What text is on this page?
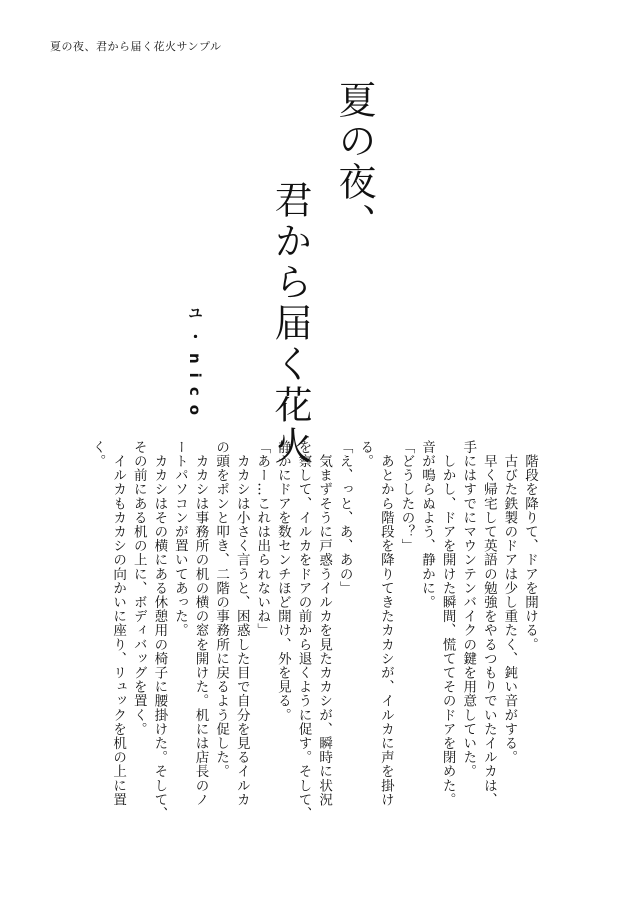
夏の夜、君から届く花火サンプル
夏の夜、
君から届く花火
ユ・nico

　階段を降りて、ドアを開ける。

　古びた鉄製のドアは少し重たく、鈍い音がする。

　早く帰宅して英語の勉強をやるつもりでいたイルカは、

手にはすでにマウンテンバイクの鍵を用意していた。

　しかし、ドアを開けた瞬間、慌ててそのドアを閉めた。

音が鳴らぬよう、静かに。

「どうしたの？」

　あとから階段を降りてきたカカシが、イルカに声を掛け

る。

「え、っと、あ、あの」

　気まずそうに戸惑うイルカを見たカカシが、瞬時に状況

を察して、イルカをドアの前から退くように促す。そして、

静かにドアを数センチほど開け、外を見る。

「あー…これは出られないね」

　カカシは小さく言うと、困惑した目で自分を見るイルカ

の頭をポンと叩き、二階の事務所に戻るよう促した。

　カカシは事務所の机の横の窓を開けた。机には店長のノ

ートパソコンが置いてあった。

　カカシはその横にある休憩用の椅子に腰掛けた。そして、

その前にある机の上に、ボディバッグを置く。

　イルカもカカシの向かいに座り、リュックを机の上に置

く。
